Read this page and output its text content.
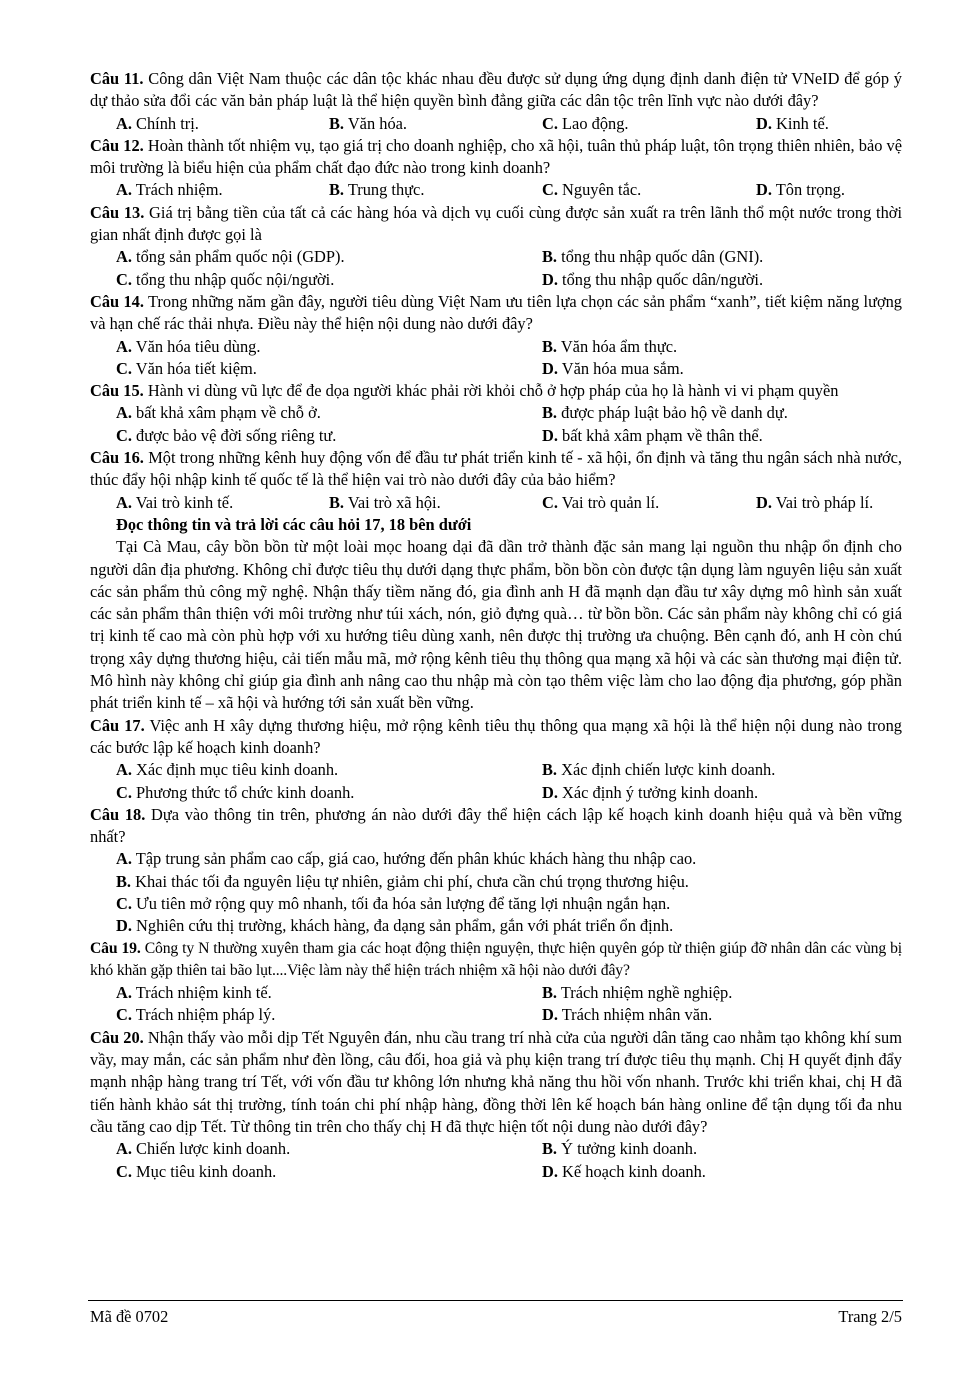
Câu 11. Công dân Việt Nam thuộc các dân tộc khác nhau đều được sử dụng ứng dụng định danh điện tử VNeID để góp ý dự thảo sửa đổi các văn bản pháp luật là thể hiện quyền bình đẳng giữa các dân tộc trên lĩnh vực nào dưới đây?

A. Chính trị.	B. Văn hóa.	C. Lao động.	D. Kinh tế.

Câu 12. Hoàn thành tốt nhiệm vụ, tạo giá trị cho doanh nghiệp, cho xã hội, tuân thủ pháp luật, tôn trọng thiên nhiên, bảo vệ môi trường là biểu hiện của phẩm chất đạo đức nào trong kinh doanh?

A. Trách nhiệm.	B. Trung thực.	C. Nguyên tắc.	D. Tôn trọng.

Câu 13. Giá trị bằng tiền của tất cả các hàng hóa và dịch vụ cuối cùng được sản xuất ra trên lãnh thổ một nước trong thời gian nhất định được gọi là

A. tổng sản phẩm quốc nội (GDP).	B. tổng thu nhập quốc dân (GNI).
C. tổng thu nhập quốc nội/người.	D. tổng thu nhập quốc dân/người.

Câu 14. Trong những năm gần đây, người tiêu dùng Việt Nam ưu tiên lựa chọn các sản phẩm “xanh”, tiết kiệm năng lượng và hạn chế rác thải nhựa. Điều này thể hiện nội dung nào dưới đây?

A. Văn hóa tiêu dùng.	B. Văn hóa ẩm thực.
C. Văn hóa tiết kiệm.	D. Văn hóa mua sắm.

Câu 15. Hành vi dùng vũ lực để đe dọa người khác phải rời khỏi chỗ ở hợp pháp của họ là hành vi vi phạm quyền

A. bất khả xâm phạm về chỗ ở.	B. được pháp luật bảo hộ về danh dự.
C. được bảo vệ đời sống riêng tư.	D. bất khả xâm phạm về thân thể.

Câu 16. Một trong những kênh huy động vốn để đầu tư phát triển kinh tế - xã hội, ổn định và tăng thu ngân sách nhà nước, thúc đẩy hội nhập kinh tế quốc tế là thể hiện vai trò nào dưới đây của bảo hiểm?

A. Vai trò kinh tế.	B. Vai trò xã hội.	C. Vai trò quản lí.	D. Vai trò pháp lí.
Đọc thông tin và trả lời các câu hỏi 17, 18 bên dưới

Tại Cà Mau, cây bồn bồn từ một loài mọc hoang dại đã dần trở thành đặc sản mang lại nguồn thu nhập ổn định cho người dân địa phương. Không chỉ được tiêu thụ dưới dạng thực phẩm, bồn bồn còn được tận dụng làm nguyên liệu sản xuất các sản phẩm thủ công mỹ nghệ. Nhận thấy tiềm năng đó, gia đình anh H đã mạnh dạn đầu tư xây dựng mô hình sản xuất các sản phẩm thân thiện với môi trường như túi xách, nón, giỏ đựng quà… từ bồn bồn. Các sản phẩm này không chỉ có giá trị kinh tế cao mà còn phù hợp với xu hướng tiêu dùng xanh, nên được thị trường ưa chuộng. Bên cạnh đó, anh H còn chú trọng xây dựng thương hiệu, cải tiến mẫu mã, mở rộng kênh tiêu thụ thông qua mạng xã hội và các sàn thương mại điện tử. Mô hình này không chỉ giúp gia đình anh nâng cao thu nhập mà còn tạo thêm việc làm cho lao động địa phương, góp phần phát triển kinh tế – xã hội và hướng tới sản xuất bền vững.

Câu 17. Việc anh H xây dựng thương hiệu, mở rộng kênh tiêu thụ thông qua mạng xã hội là thể hiện nội dung nào trong các bước lập kế hoạch kinh doanh?

A. Xác định mục tiêu kinh doanh.	B. Xác định chiến lược kinh doanh.
C. Phương thức tổ chức kinh doanh.	D. Xác định ý tưởng kinh doanh.

Câu 18. Dựa vào thông tin trên, phương án nào dưới đây thể hiện cách lập kế hoạch kinh doanh hiệu quả và bền vững nhất?

A. Tập trung sản phẩm cao cấp, giá cao, hướng đến phân khúc khách hàng thu nhập cao.
B. Khai thác tối đa nguyên liệu tự nhiên, giảm chi phí, chưa cần chú trọng thương hiệu.
C. Ưu tiên mở rộng quy mô nhanh, tối đa hóa sản lượng để tăng lợi nhuận ngắn hạn.
D. Nghiên cứu thị trường, khách hàng, đa dạng sản phẩm, gắn với phát triển ổn định.

Câu 19. Công ty N thường xuyên tham gia các hoạt động thiện nguyện, thực hiện quyên góp từ thiện giúp đỡ nhân dân các vùng bị khó khăn gặp thiên tai bão lụt....Việc làm này thể hiện trách nhiệm xã hội nào dưới đây?

A. Trách nhiệm kinh tế.	B. Trách nhiệm nghề nghiệp.
C. Trách nhiệm pháp lý.	D. Trách nhiệm nhân văn.

Câu 20. Nhận thấy vào mỗi dịp Tết Nguyên đán, nhu cầu trang trí nhà cửa của người dân tăng cao nhằm tạo không khí sum vầy, may mắn, các sản phẩm như đèn lồng, câu đối, hoa giả và phụ kiện trang trí được tiêu thụ mạnh. Chị H quyết định đẩy mạnh nhập hàng trang trí Tết, với vốn đầu tư không lớn nhưng khả năng thu hồi vốn nhanh. Trước khi triển khai, chị H đã tiến hành khảo sát thị trường, tính toán chi phí nhập hàng, đồng thời lên kế hoạch bán hàng online để tận dụng tối đa nhu cầu tăng cao dịp Tết. Từ thông tin trên cho thấy chị H đã thực hiện tốt nội dung nào dưới đây?

A. Chiến lược kinh doanh.	B. Ý tưởng kinh doanh.
C. Mục tiêu kinh doanh.	D. Kế hoạch kinh doanh.
Mã đề 0702	Trang 2/5
